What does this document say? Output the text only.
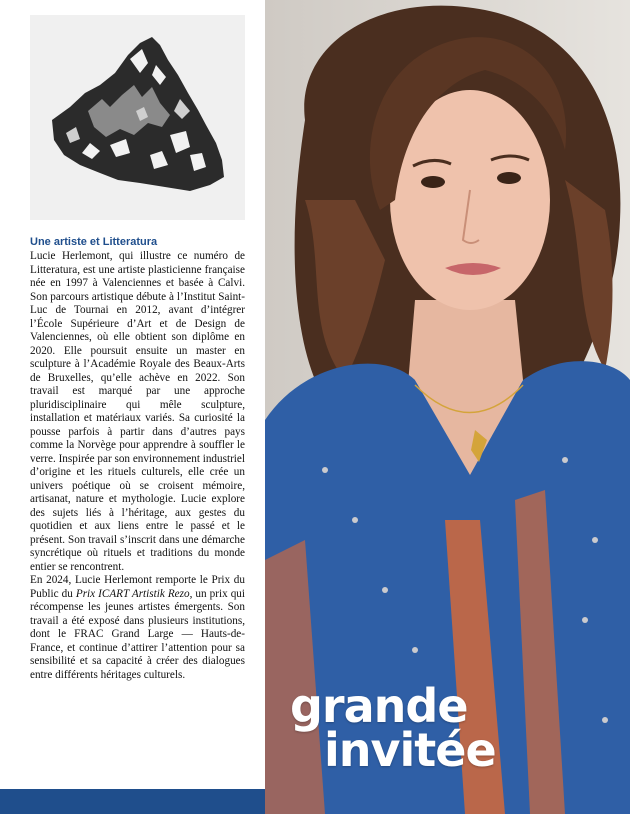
Une artiste et Litteratura

Lucie Herlemont, qui illustre ce numéro de Litteratura, est une artiste plasticienne française née en 1997 à Valenciennes et basée à Calvi. Son parcours artistique débute à l’Institut Saint-Luc de Tournai en 2012, avant d’intégrer l’École Supérieure d’Art et de Design de Valenciennes, où elle obtient son diplôme en 2020. Elle poursuit ensuite un master en sculpture à l’Académie Royale des Beaux-Arts de Bruxelles, qu’elle achève en 2022. Son travail est marqué par une approche pluridisciplinaire qui mêle sculpture, installation et matériaux variés. Sa curiosité la pousse parfois à partir dans d’autres pays comme la Norvège pour apprendre à souffler le verre. Inspirée par son environnement industriel d’origine et les rituels culturels, elle crée un univers poétique où se croisent mémoire, artisanat, nature et mythologie. Lucie explore des sujets liés à l’héritage, aux gestes du quotidien et aux liens entre le passé et le présent. Son travail s’inscrit dans une démarche syncrétique où rituels et traditions du monde entier se rencontrent.

En 2024, Lucie Herlemont remporte le Prix du Public du Prix ICART Artistik Rezo, un prix qui récompense les jeunes artistes émergents. Son travail a été exposé dans plusieurs institutions, dont le FRAC Grand Large — Hauts-de-France, et continue d’attirer l’attention pour sa sensibilité et sa capacité à créer des dialogues entre différents héritages culturels.

grande
invitée
